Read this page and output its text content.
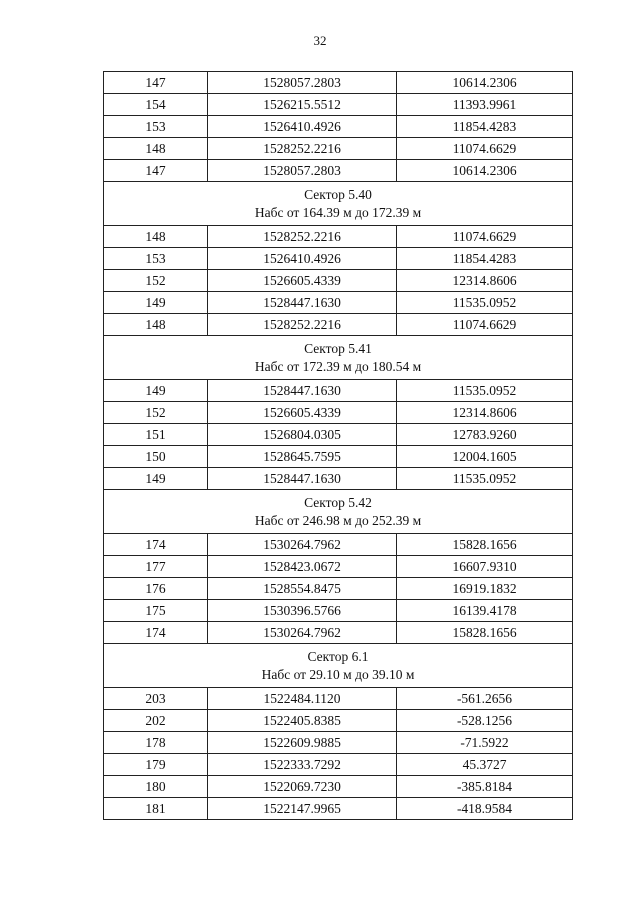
32
147	1528057.2803	10614.2306
154	1526215.5512	11393.9961
153	1526410.4926	11854.4283
148	1528252.2216	11074.6629
147	1528057.2803	10614.2306

Сектор 5.40
Набс от 164.39 м до 172.39 м		

148	1528252.2216	11074.6629
153	1526410.4926	11854.4283
152	1526605.4339	12314.8606
149	1528447.1630	11535.0952
148	1528252.2216	11074.6629

Сектор 5.41
Набс от 172.39 м до 180.54 м		

149	1528447.1630	11535.0952
152	1526605.4339	12314.8606
151	1526804.0305	12783.9260
150	1528645.7595	12004.1605
149	1528447.1630	11535.0952

Сектор 5.42
Набс от 246.98 м до 252.39 м		

174	1530264.7962	15828.1656
177	1528423.0672	16607.9310
176	1528554.8475	16919.1832
175	1530396.5766	16139.4178
174	1530264.7962	15828.1656

Сектор 6.1
Набс от 29.10 м до 39.10 м		

203	1522484.1120	-561.2656
202	1522405.8385	-528.1256
178	1522609.9885	-71.5922
179	1522333.7292	45.3727
180	1522069.7230	-385.8184
181	1522147.9965	-418.9584
